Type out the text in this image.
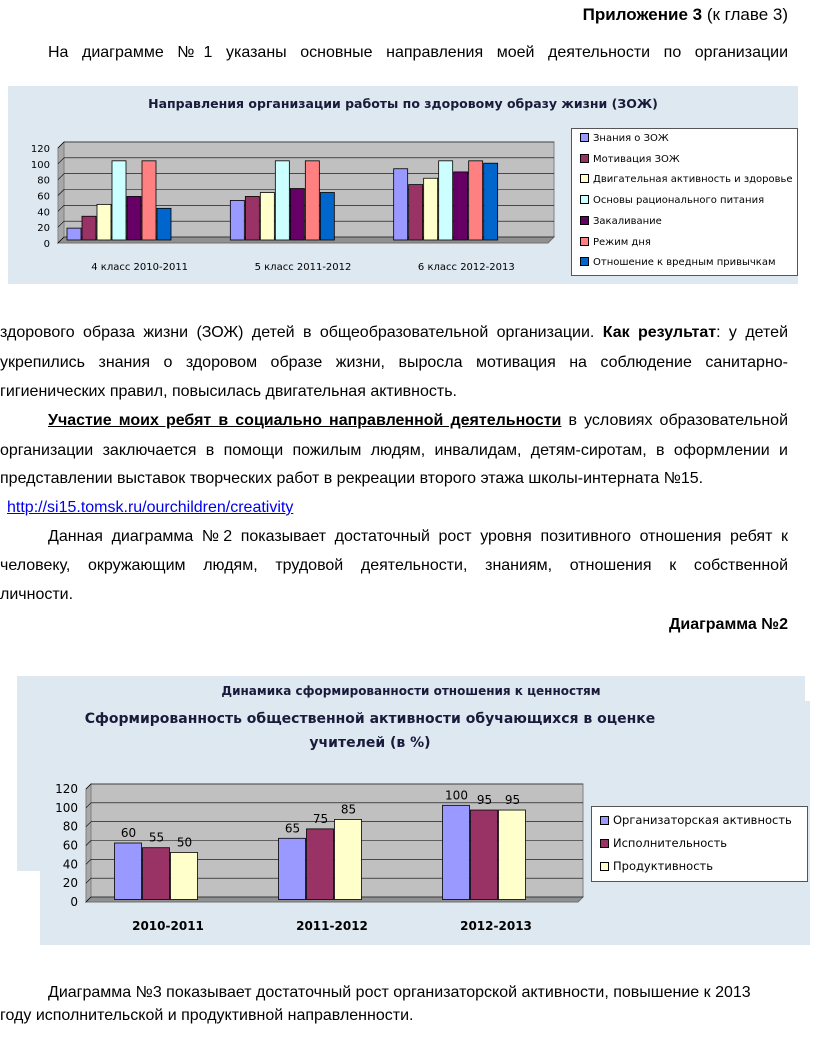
Приложение 3 (к главе 3)
На диаграмме №1 указаны основные направления моей деятельности по организации
Направления организации работы по здоровому образу жизни (ЗОЖ)
0
20
40
60
80
100
120
4 класс 2010-2011	5 класс 2011-2012	6 класс 2012-2013
Знания о ЗОЖ
Мотивация ЗОЖ
Двигательная активность и здоровье
Основы рационального питания
Закаливание
Режим дня
Отношение к вредным привычкам
здорового образа жизни (ЗОЖ) детей в общеобразовательной организации. Как результат: у детей
укрепились знания о здоровом образе жизни, выросла мотивация на соблюдение санитарно-
гигиенических правил, повысилась двигательная активность.
Участие моих ребят в социально направленной деятельности в условиях образовательной
организации заключается в помощи пожилым людям, инвалидам, детям-сиротам, в оформлении и
представлении выставок творческих работ в рекреации второго этажа школы-интерната №15.
http://si15.tomsk.ru/ourchildren/creativity
Данная диаграмма №2 показывает достаточный рост уровня позитивного отношения ребят к
человеку, окружающим людям, трудовой деятельности, знаниям, отношения к собственной
личности.
Диаграмма №2
Динамика сформированности отношения к ценностям
Сформированность общественной активности обучающихся в оценке
учителей (в %)
0
20
40
60
80
100
120
60	65
100
55
75
95
50
85
95
2010-2011	2011-2012	2012-2013
Организаторская активность
Исполнительность
Продуктивность
Диаграмма №3 показывает достаточный рост организаторской активности, повышение к 2013
году исполнительской и продуктивной направленности.
